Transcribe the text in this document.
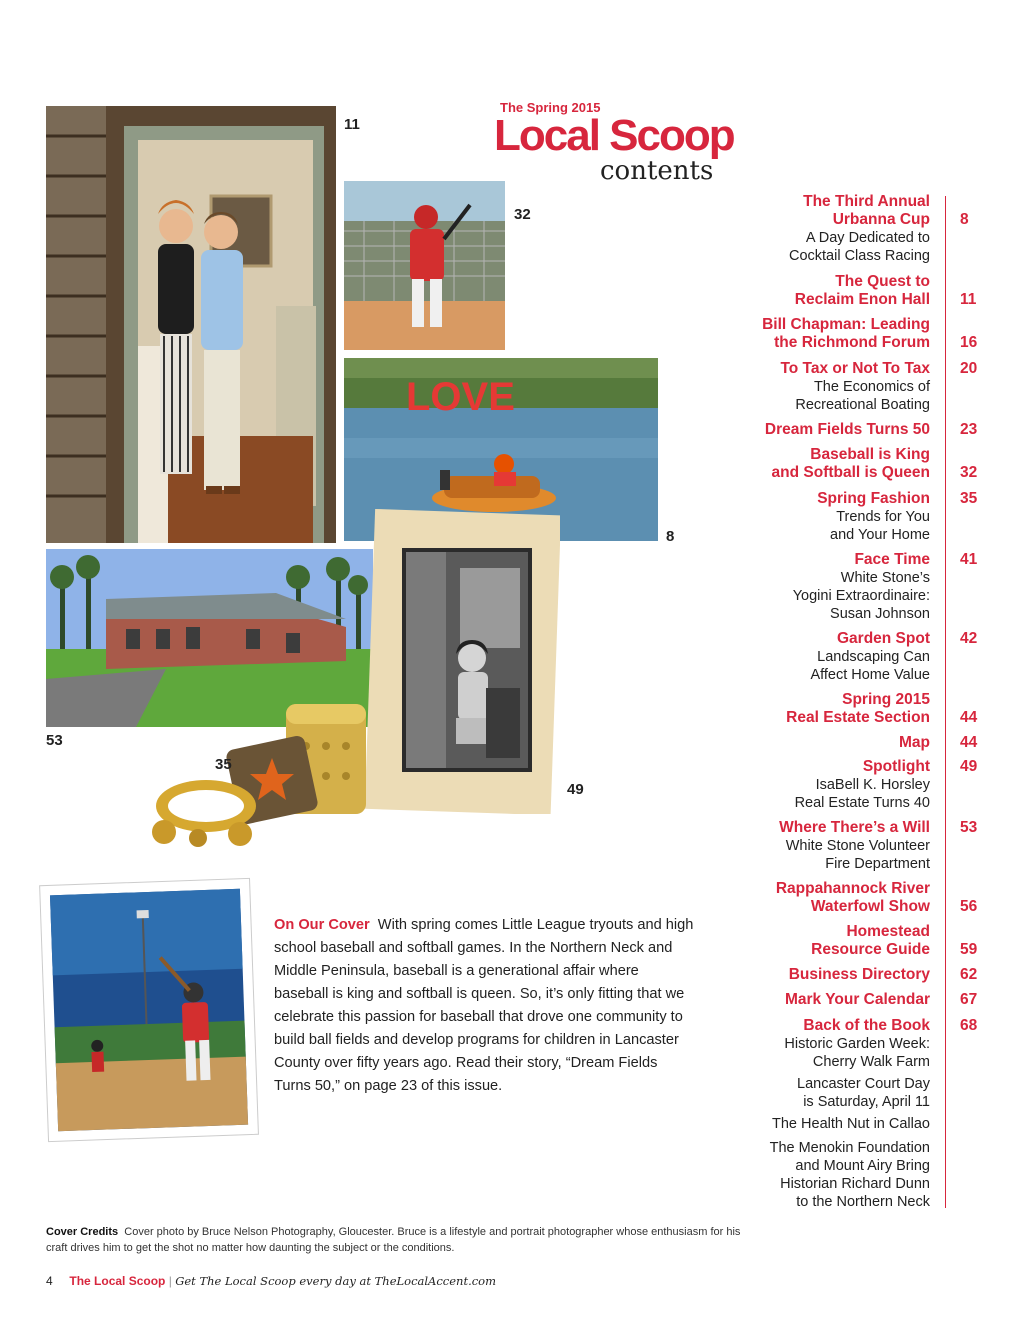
The Spring 2015
Local Scoop
contents
11
32
LOVE
8
53
49
35
The Third Annual
Urbanna Cup 8
A Day Dedicated to
Cocktail Class Racing
The Quest to
Reclaim Enon Hall 11
Bill Chapman: Leading
the Richmond Forum 16
To Tax or Not To Tax 20
The Economics of
Recreational Boating
Dream Fields Turns 50 23
Baseball is King
and Softball is Queen 32
Spring Fashion 35
Trends for You
and Your Home
Face Time 41
White Stone’s
Yogini Extraordinaire:
Susan Johnson
Garden Spot 42
Landscaping Can
Affect Home Value
Spring 2015
Real Estate Section 44
Map 44
Spotlight 49
IsaBell K. Horsley
Real Estate Turns 40
Where There’s a Will 53
White Stone Volunteer
Fire Department
Rappahannock River
Waterfowl Show 56
Homestead
Resource Guide 59
Business Directory 62
Mark Your Calendar 67
Back of the Book 68
Historic Garden Week:
Cherry Walk Farm
Lancaster Court Day
is Saturday, April 11
The Health Nut in Callao
The Menokin Foundation
and Mount Airy Bring
Historian Richard Dunn
to the Northern Neck
On Our Cover With spring comes Little League tryouts and high school baseball and softball games. In the Northern Neck and Middle Peninsula, baseball is a generational affair where baseball is king and softball is queen. So, it’s only fitting that we celebrate this passion for baseball that drove one community to build ball fields and develop programs for children in Lancaster County over fifty years ago. Read their story, “Dream Fields Turns 50,” on page 23 of this issue.
Cover Credits Cover photo by Bruce Nelson Photography, Gloucester. Bruce is a lifestyle and portrait photographer whose enthusiasm for his craft drives him to get the shot no matter how daunting the subject or the conditions.
4 The Local Scoop | Get The Local Scoop every day at TheLocalAccent.com
